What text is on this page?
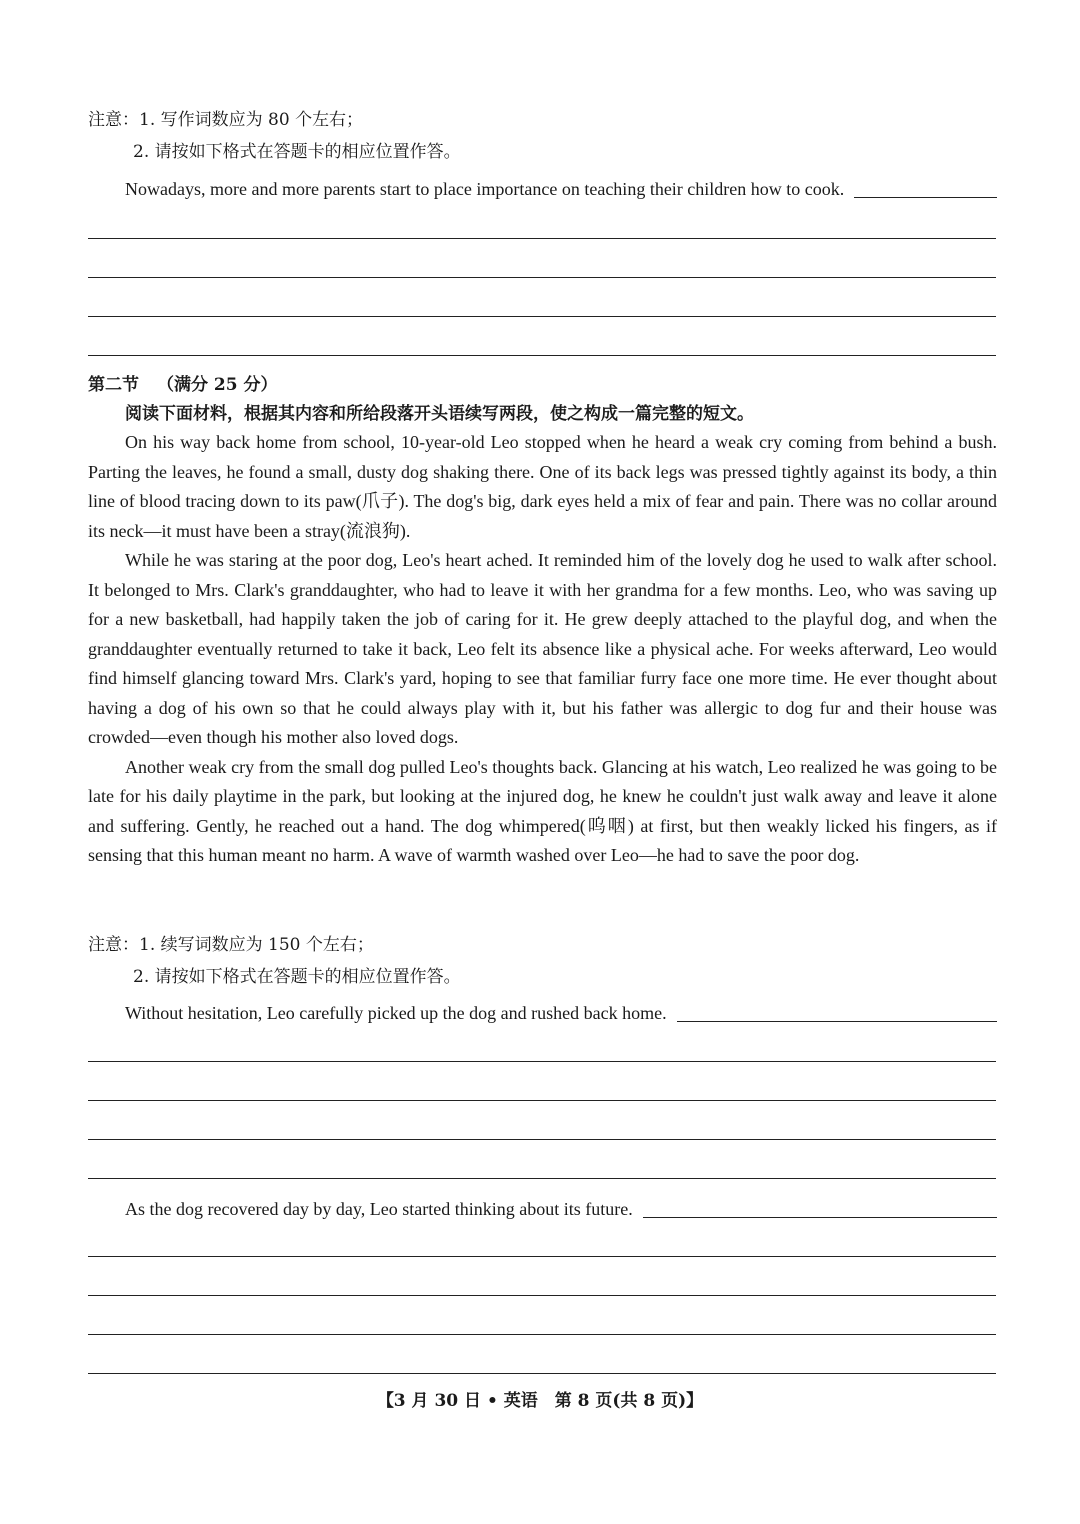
注意：1. 写作词数应为 80 个左右；
2. 请按如下格式在答题卡的相应位置作答。
Nowadays, more and more parents start to place importance on teaching their children how to cook.
第二节 （满分 25 分）
阅读下面材料，根据其内容和所给段落开头语续写两段，使之构成一篇完整的短文。

On his way back home from school, 10-year-old Leo stopped when he heard a weak cry coming from behind a bush. Parting the leaves, he found a small, dusty dog shaking there. One of its back legs was pressed tightly against its body, a thin line of blood tracing down to its paw(爪子). The dog's big, dark eyes held a mix of fear and pain. There was no collar around its neck—it must have been a stray(流浪狗).

While he was staring at the poor dog, Leo's heart ached. It reminded him of the lovely dog he used to walk after school. It belonged to Mrs. Clark's granddaughter, who had to leave it with her grandma for a few months. Leo, who was saving up for a new basketball, had happily taken the job of caring for it. He grew deeply attached to the playful dog, and when the granddaughter eventually returned to take it back, Leo felt its absence like a physical ache. For weeks afterward, Leo would find himself glancing toward Mrs. Clark's yard, hoping to see that familiar furry face one more time. He ever thought about having a dog of his own so that he could always play with it, but his father was allergic to dog fur and their house was crowded—even though his mother also loved dogs.

Another weak cry from the small dog pulled Leo's thoughts back. Glancing at his watch, Leo realized he was going to be late for his daily playtime in the park, but looking at the injured dog, he knew he couldn't just walk away and leave it alone and suffering. Gently, he reached out a hand. The dog whimpered(呜咽) at first, but then weakly licked his fingers, as if sensing that this human meant no harm. A wave of warmth washed over Leo—he had to save the poor dog.

注意：1. 续写词数应为 150 个左右；
2. 请按如下格式在答题卡的相应位置作答。
Without hesitation, Leo carefully picked up the dog and rushed back home.
As the dog recovered day by day, Leo started thinking about its future.
【3 月 30 日 • 英语　第 8 页(共 8 页)】
